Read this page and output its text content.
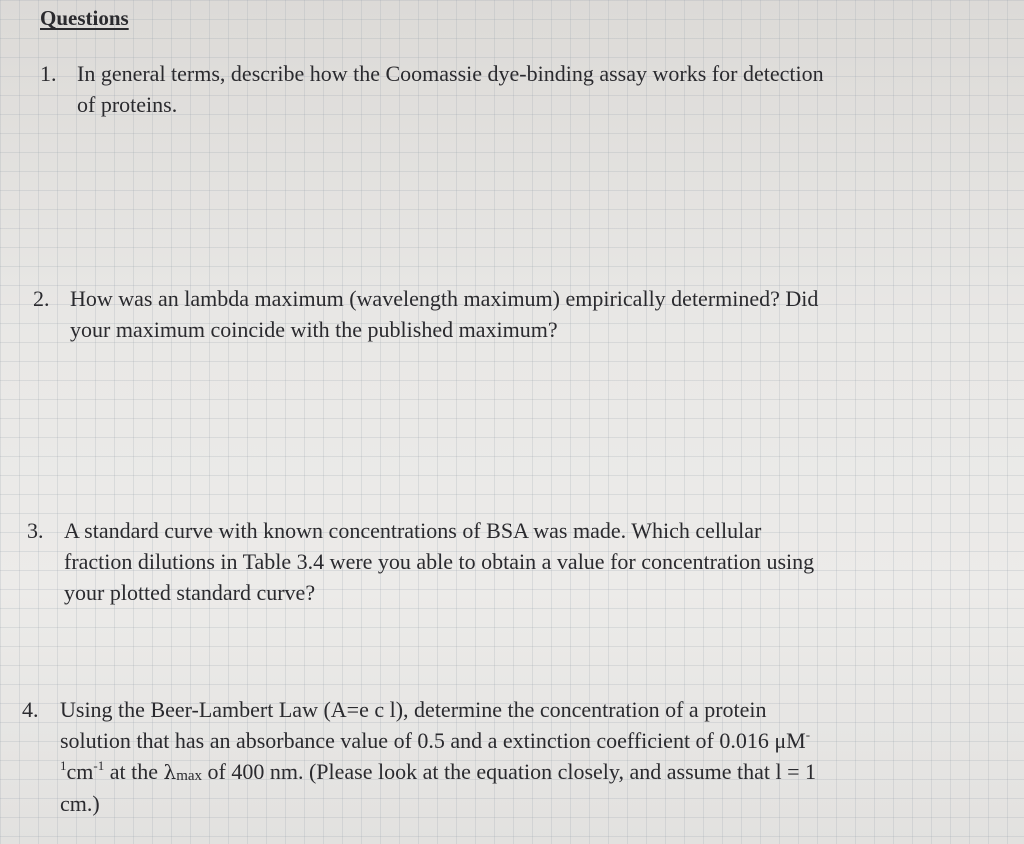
Questions
1. In general terms, describe how the Coomassie dye-binding assay works for detection
of proteins.
2. How was an lambda maximum (wavelength maximum) empirically determined? Did
your maximum coincide with the published maximum?
3. A standard curve with known concentrations of BSA was made. Which cellular
fraction dilutions in Table 3.4 were you able to obtain a value for concentration using
your plotted standard curve?
4. Using the Beer-Lambert Law (A=e c l), determine the concentration of a protein
solution that has an absorbance value of 0.5 and a extinction coefficient of 0.016 μM-
$^1cm^{-1}$ at the $\lambda_{max}$ of 400 nm. (Please look at the equation closely, and assume that l = 1
cm.)
